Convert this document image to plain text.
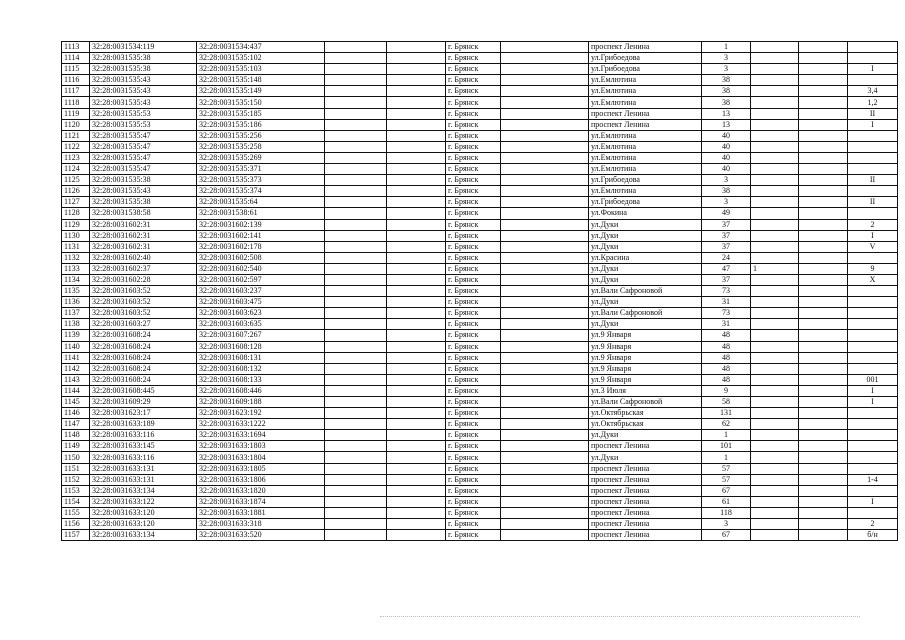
1113	32:28:0031534:119	32:28:0031534:437			г. Брянск		проспект Ленина	1			
1114	32:28:0031535:38	32:28:0031535:102			г. Брянск		ул.Грибоедова	3			
1115	32:28:0031535:38	32:28:0031535:103			г. Брянск		ул.Грибоедова	3			I
1116	32:28:0031535:43	32:28:0031535:148			г. Брянск		ул.Емлютина	38			
1117	32:28:0031535:43	32:28:0031535:149			г. Брянск		ул.Емлютина	38			3,4
1118	32:28:0031535:43	32:28:0031535:150			г. Брянск		ул.Емлютина	38			1,2
1119	32:28:0031535:53	32:28:0031535:185			г. Брянск		проспект Ленина	13			II
1120	32:28:0031535:53	32:28:0031535:186			г. Брянск		проспект Ленина	13			I
1121	32:28:0031535:47	32:28:0031535:256			г. Брянск		ул.Емлютина	40			
1122	32:28:0031535:47	32:28:0031535:258			г. Брянск		ул.Емлютина	40			
1123	32:28:0031535:47	32:28:0031535:269			г. Брянск		ул.Емлютина	40			
1124	32:28:0031535:47	32:28:0031535:371			г. Брянск		ул.Емлютина	40			
1125	32:28:0031535:38	32:28:0031535:373			г. Брянск		ул.Грибоедова	3			II
1126	32:28:0031535:43	32:28:0031535:374			г. Брянск		ул.Емлютина	38			
1127	32:28:0031535:38	32:28:0031535:64			г. Брянск		ул.Грибоедова	3			II
1128	32:28:0031538:58	32:28:0031538:61			г. Брянск		ул.Фокина	49			
1129	32:28:0031602:31	32:28:0031602:139			г. Брянск		ул.Дуки	37			2
1130	32:28:0031602:31	32:28:0031602:141			г. Брянск		ул.Дуки	37			I
1131	32:28:0031602:31	32:28:0031602:178			г. Брянск		ул.Дуки	37			V
1132	32:28:0031602:40	32:28:0031602:508			г. Брянск		ул.Красина	24			
1133	32:28:0031602:37	32:28:0031602:540			г. Брянск		ул.Дуки	47	1		9
1134	32:28:0031602:28	32:28:0031602:597			г. Брянск		ул.Дуки	37			X
1135	32:28:0031603:52	32:28:0031603:237			г. Брянск		ул.Вали Сафроновой	73			
1136	32:28:0031603:52	32:28:0031603:475			г. Брянск		ул.Дуки	31			
1137	32:28:0031603:52	32:28:0031603:623			г. Брянск		ул.Вали Сафроновой	73			
1138	32:28:0031603:27	32:28:0031603:635			г. Брянск		ул.Дуки	31			
1139	32:28:0031608:24	32:28:0031607:267			г. Брянск		ул.9 Января	48			
1140	32:28:0031608:24	32:28:0031608:128			г. Брянск		ул.9 Января	48			
1141	32:28:0031608:24	32:28:0031608:131			г. Брянск		ул.9 Января	48			
1142	32:28:0031608:24	32:28:0031608:132			г. Брянск		ул.9 Января	48			
1143	32:28:0031608:24	32:28:0031608:133			г. Брянск		ул.9 Января	48			001
1144	32:28:0031608:445	32:28:0031608:446			г. Брянск		ул.3 Июля	9			I
1145	32:28:0031609:29	32:28:0031609:188			г. Брянск		ул.Вали Сафроновой	58			I
1146	32:28:0031623:17	32:28:0031623:192			г. Брянск		ул.Октябрьская	131			
1147	32:28:0031633:189	32:28:0031633:1222			г. Брянск		ул.Октябрьская	62			
1148	32:28:0031633:116	32:28:0031633:1694			г. Брянск		ул.Дуки	1			
1149	32:28:0031633:145	32:28:0031633:1803			г. Брянск		проспект Ленина	101			
1150	32:28:0031633:116	32:28:0031633:1804			г. Брянск		ул.Дуки	1			
1151	32:28:0031633:131	32:28:0031633:1805			г. Брянск		проспект Ленина	57			
1152	32:28:0031633:131	32:28:0031633:1806			г. Брянск		проспект Ленина	57			1-4
1153	32:28:0031633:134	32:28:0031633:1820			г. Брянск		проспект Ленина	67			
1154	32:28:0031633:122	32:28:0031633:1874			г. Брянск		проспект Ленина	61			I
1155	32:28:0031633:120	32:28:0031633:1881			г. Брянск		проспект Ленина	118			
1156	32:28:0031633:120	32:28:0031633:318			г. Брянск		проспект Ленина	3			2
1157	32:28:0031633:134	32:28:0031633:520			г. Брянск		проспект Ленина	67			б/н
